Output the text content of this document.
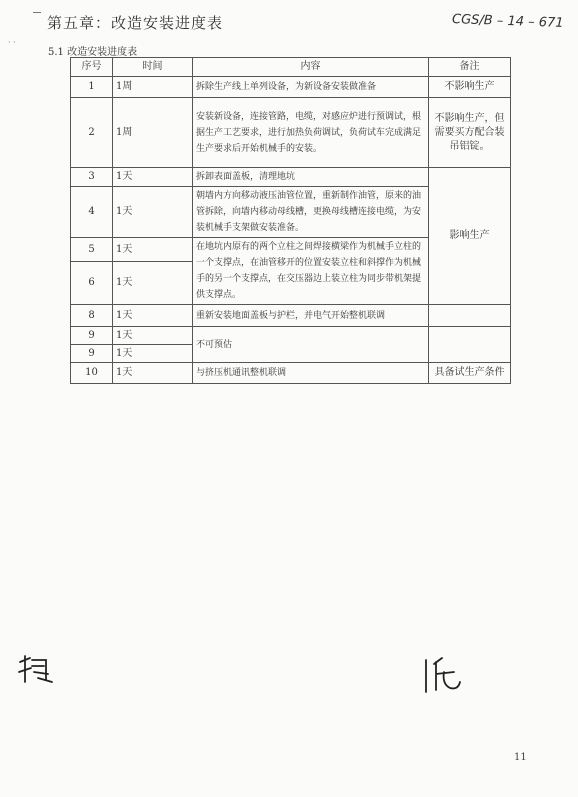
· ·
第五章：改造安装进度表	CGS/B – 14 – 671
5.1 改造安装进度表
序号	时间	内容	备注
1	1周	拆除生产线上单列设备，为新设备安装做准备	不影响生产
2	1周	安装新设备，连接管路，电缆，对感应炉进行预调试，根据生产工艺要求，进行加热负荷调试，负荷试车完成满足生产要求后开始机械手的安装。	不影响生产，但需要买方配合装吊铝锭。
3	1天	拆卸表面盖板，清理地坑	影响生产
4	1天	朝墙内方向移动液压油管位置，重新制作油管，原来的油管拆除，向墙内移动母线槽，更换母线槽连接电缆，为安装机械手支架做安装准备。	
5	1天	在地坑内原有的两个立柱之间焊接横梁作为机械手立柱的一个支撑点，在油管移开的位置安装立柱和斜撑作为机械手的另一个支撑点，在交压器边上装立柱为同步带机架提供支撑点。	
6	1天		
8	1天	重新安装地面盖板与护栏，并电气开始整机联调	
9	1天	不可预估	
9	1天		
10	1天	与挤压机通讯整机联调	具备试生产条件
11
